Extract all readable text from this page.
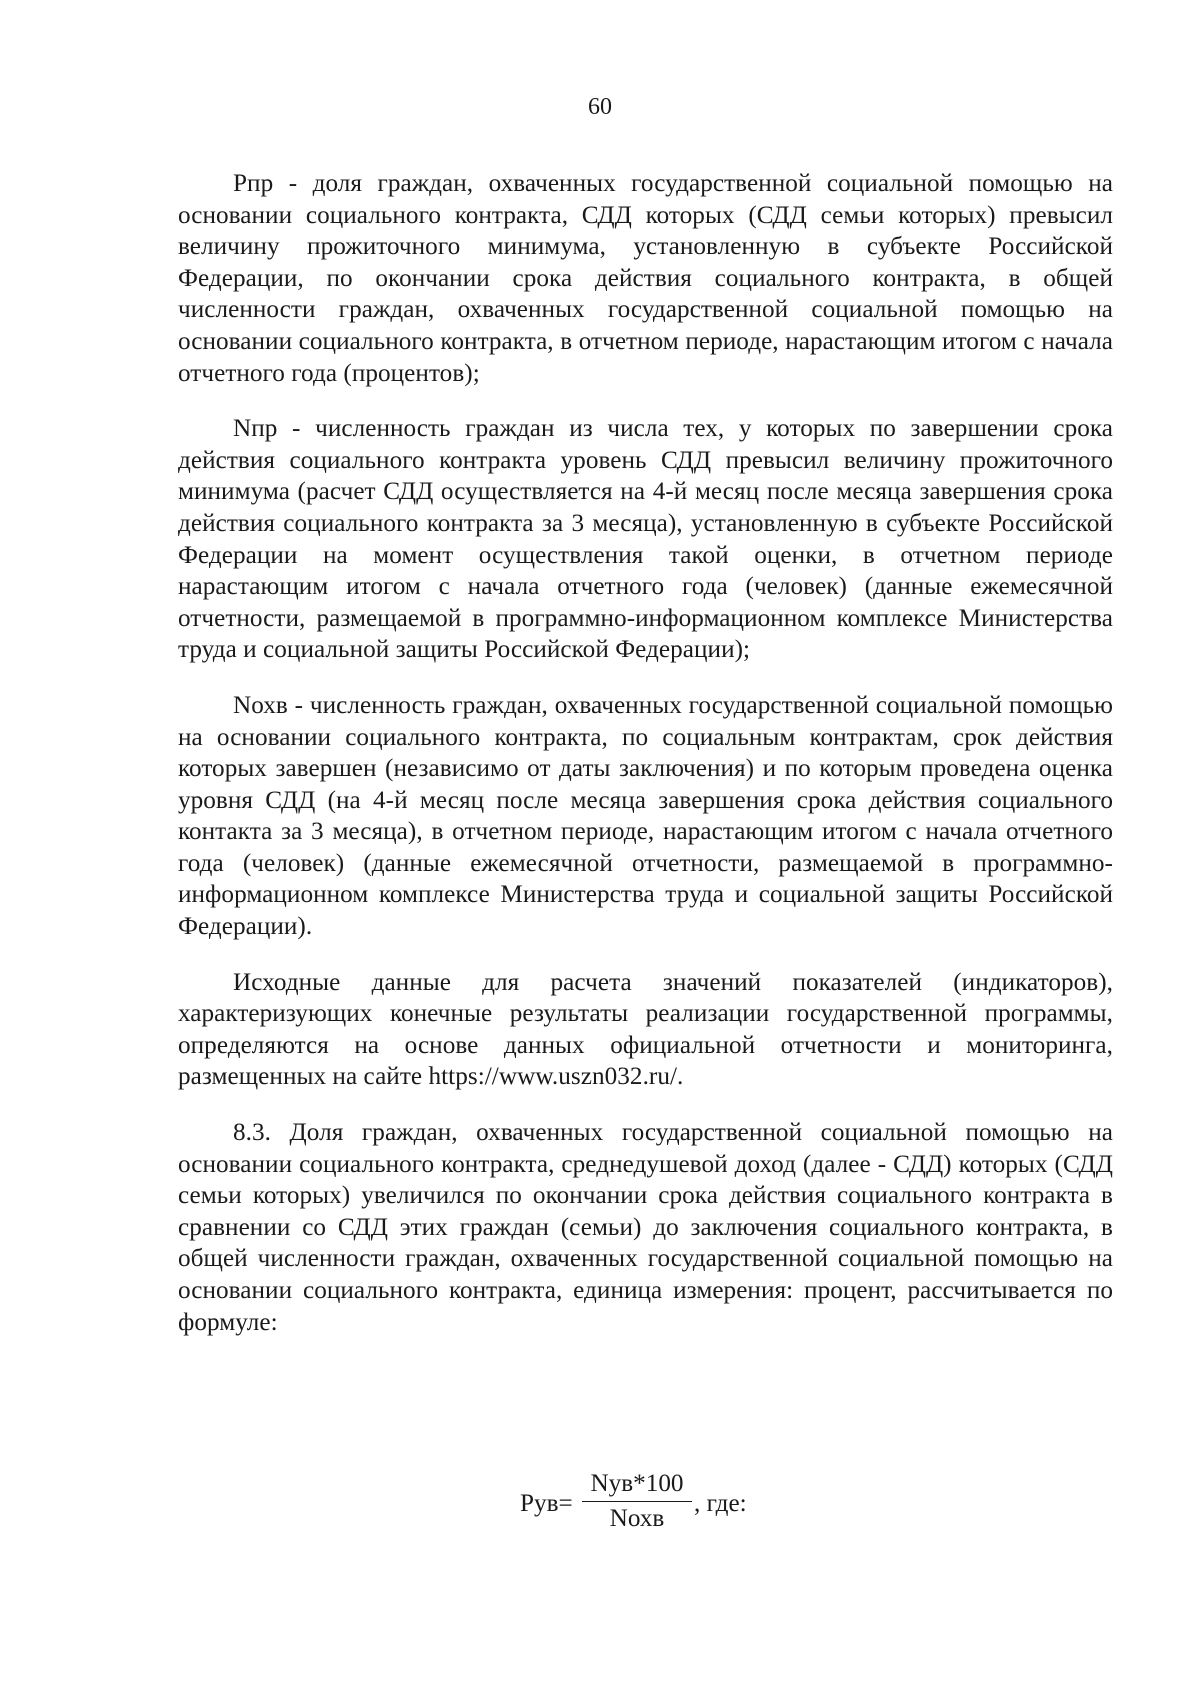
60

Рпр - доля граждан, охваченных государственной социальной помощью на основании социального контракта, СДД которых (СДД семьи которых) превысил величину прожиточного минимума, установленную в субъекте Российской Федерации, по окончании срока действия социального контракта, в общей численности граждан, охваченных государственной социальной помощью на основании социального контракта, в отчетном периоде, нарастающим итогом с начала отчетного года (процентов);

Nпр - численность граждан из числа тех, у которых по завершении срока действия социального контракта уровень СДД превысил величину прожиточного минимума (расчет СДД осуществляется на 4-й месяц после месяца завершения срока действия социального контракта за 3 месяца), установленную в субъекте Российской Федерации на момент осуществления такой оценки, в отчетном периоде нарастающим итогом с начала отчетного года (человек) (данные ежемесячной отчетности, размещаемой в программно-информационном комплексе Министерства труда и социальной защиты Российской Федерации);

Nохв - численность граждан, охваченных государственной социальной помощью на основании социального контракта, по социальным контрактам, срок действия которых завершен (независимо от даты заключения) и по которым проведена оценка уровня СДД (на 4-й месяц после месяца завершения срока действия социального контакта за 3 месяца), в отчетном периоде, нарастающим итогом с начала отчетного года (человек) (данные ежемесячной отчетности, размещаемой в программно-информационном комплексе Министерства труда и социальной защиты Российской Федерации).

Исходные данные для расчета значений показателей (индикаторов), характеризующих конечные результаты реализации государственной программы, определяются на основе данных официальной отчетности и мониторинга, размещенных на сайте https://www.uszn032.ru/.

8.3. Доля граждан, охваченных государственной социальной помощью на основании социального контракта, среднедушевой доход (далее - СДД) которых (СДД семьи которых) увеличился по окончании срока действия социального контракта в сравнении со СДД этих граждан (семьи) до заключения социального контракта, в общей численности граждан, охваченных государственной социальной помощью на основании социального контракта, единица измерения: процент, рассчитывается по формуле:

Рув=
Nув*100
Nохв
, где:
